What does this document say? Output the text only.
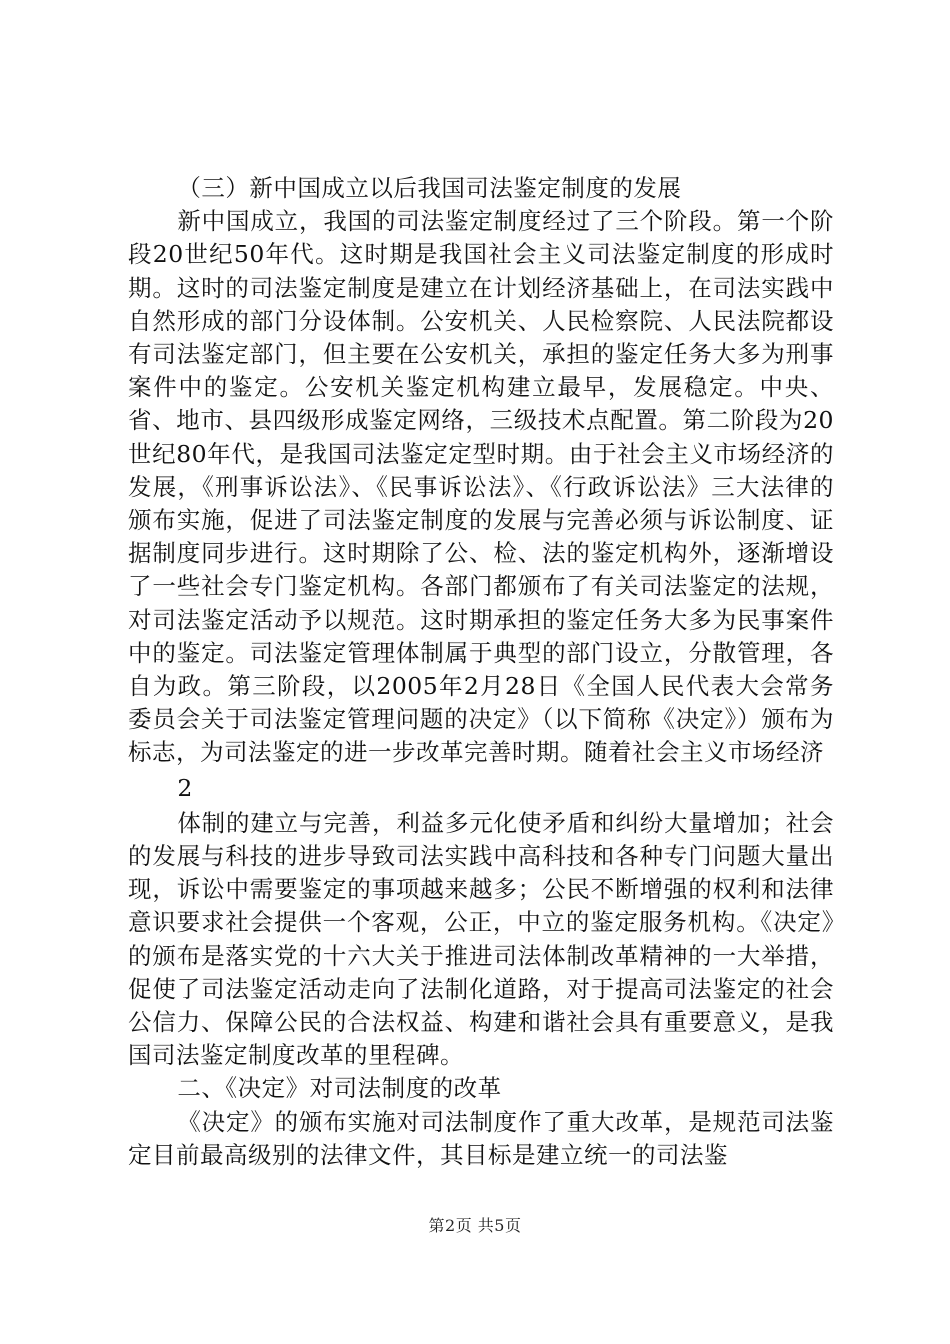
（三）新中国成立以后我国司法鉴定制度的发展

新中国成立，我国的司法鉴定制度经过了三个阶段。第一个阶段20世纪50年代。这时期是我国社会主义司法鉴定制度的形成时期。这时的司法鉴定制度是建立在计划经济基础上，在司法实践中自然形成的部门分设体制。公安机关、人民检察院、人民法院都设有司法鉴定部门，但主要在公安机关，承担的鉴定任务大多为刑事案件中的鉴定。公安机关鉴定机构建立最早，发展稳定。中央、省、地市、县四级形成鉴定网络，三级技术点配置。第二阶段为20世纪80年代，是我国司法鉴定定型时期。由于社会主义市场经济的发展，《刑事诉讼法》、《民事诉讼法》、《行政诉讼法》三大法律的颁布实施，促进了司法鉴定制度的发展与完善必须与诉讼制度、证据制度同步进行。这时期除了公、检、法的鉴定机构外，逐渐增设了一些社会专门鉴定机构。各部门都颁布了有关司法鉴定的法规，对司法鉴定活动予以规范。这时期承担的鉴定任务大多为民事案件中的鉴定。司法鉴定管理体制属于典型的部门设立，分散管理，各自为政。第三阶段，以2005年2月28日《全国人民代表大会常务委员会关于司法鉴定管理问题的决定》（以下简称《决定》）颁布为标志，为司法鉴定的进一步改革完善时期。随着社会主义市场经济

2

体制的建立与完善，利益多元化使矛盾和纠纷大量增加；社会的发展与科技的进步导致司法实践中高科技和各种专门问题大量出现，诉讼中需要鉴定的事项越来越多；公民不断增强的权利和法律意识要求社会提供一个客观，公正，中立的鉴定服务机构。《决定》的颁布是落实党的十六大关于推进司法体制改革精神的一大举措，促使了司法鉴定活动走向了法制化道路，对于提高司法鉴定的社会公信力、保障公民的合法权益、构建和谐社会具有重要意义，是我国司法鉴定制度改革的里程碑。

二、《决定》对司法制度的改革

《决定》的颁布实施对司法制度作了重大改革，是规范司法鉴定目前最高级别的法律文件，其目标是建立统一的司法鉴

第2页 共5页
